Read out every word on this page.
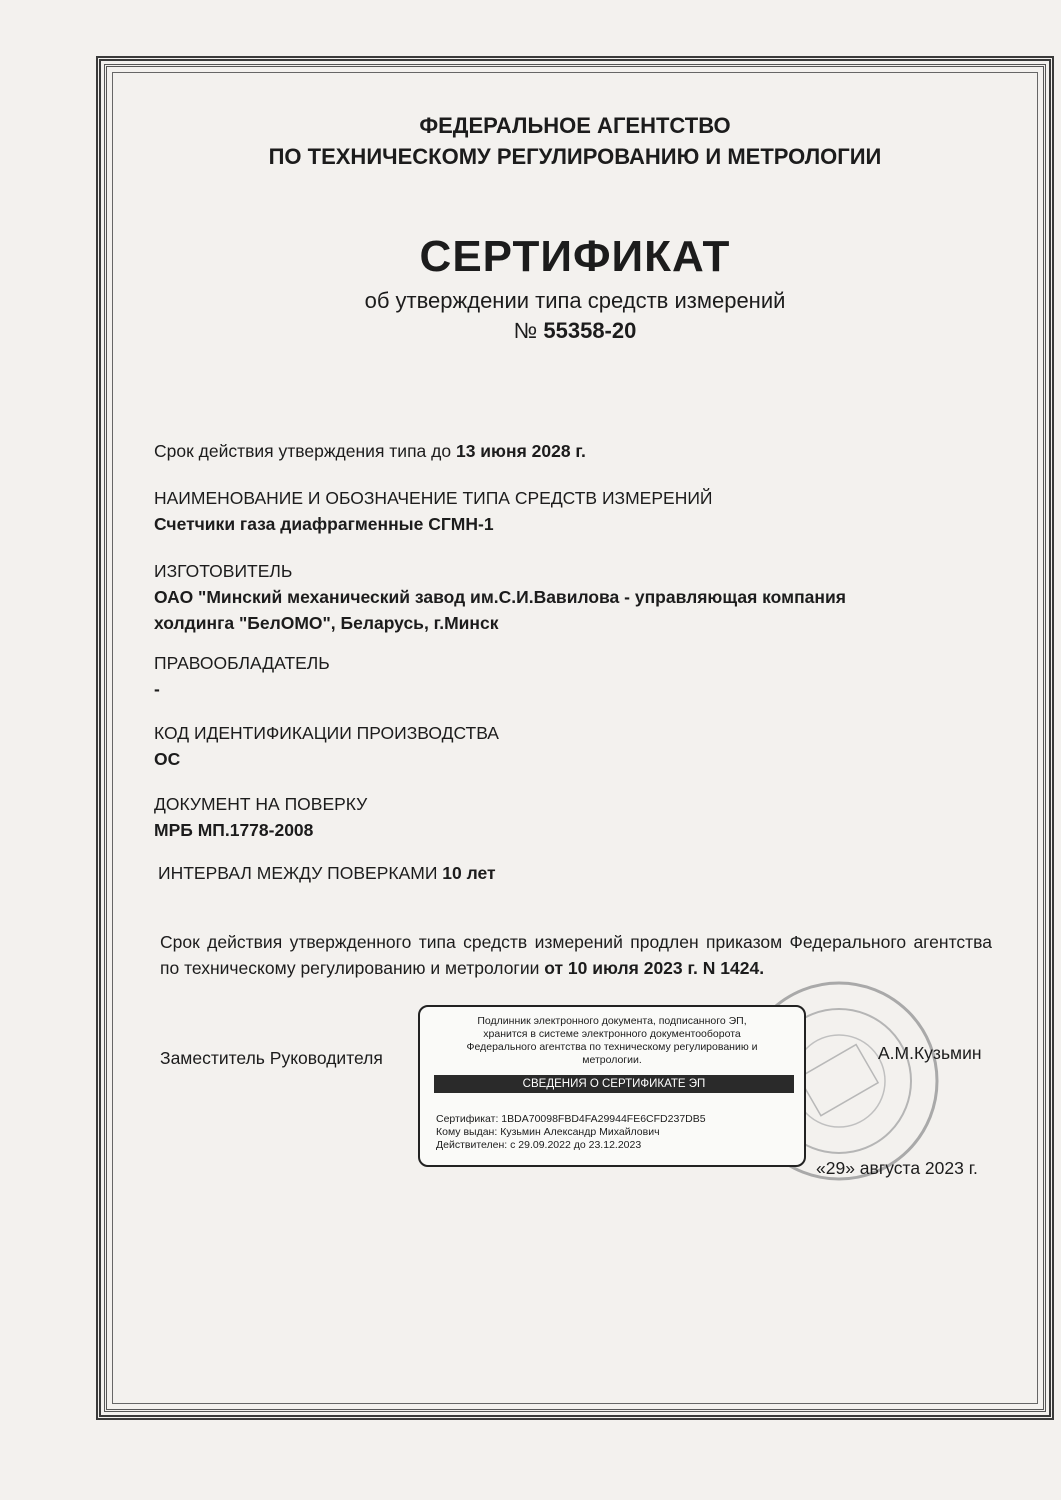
ФЕДЕРАЛЬНОЕ АГЕНТСТВО
ПО ТЕХНИЧЕСКОМУ РЕГУЛИРОВАНИЮ И МЕТРОЛОГИИ
СЕРТИФИКАТ
об утверждении типа средств измерений
№ 55358-20
Срок действия утверждения типа до 13 июня 2028 г.
НАИМЕНОВАНИЕ И ОБОЗНАЧЕНИЕ ТИПА СРЕДСТВ ИЗМЕРЕНИЙ
Счетчики газа диафрагменные СГМН-1
ИЗГОТОВИТЕЛЬ
ОАО "Минский механический завод им.С.И.Вавилова - управляющая компания
холдинга "БелОМО", Беларусь, г.Минск
ПРАВООБЛАДАТЕЛЬ
-
КОД ИДЕНТИФИКАЦИИ ПРОИЗВОДСТВА
ОС
ДОКУМЕНТ НА ПОВЕРКУ
МРБ МП.1778-2008
ИНТЕРВАЛ МЕЖДУ ПОВЕРКАМИ 10 лет
Срок действия утвержденного типа средств измерений продлен приказом Федерального агентства по техническому регулированию и метрологии от 10 июля 2023 г. N 1424.
Заместитель Руководителя
Подлинник электронного документа, подписанного ЭП,
хранится в системе электронного документооборота
Федерального агентства по техническому регулированию и
метрологии.
СВЕДЕНИЯ О СЕРТИФИКАТЕ ЭП
Сертификат: 1BDA70098FBD4FA29944FE6CFD237DB5
Кому выдан: Кузьмин Александр Михайлович
Действителен: с 29.09.2022 до 23.12.2023
А.М.Кузьмин
«29» августа 2023 г.
